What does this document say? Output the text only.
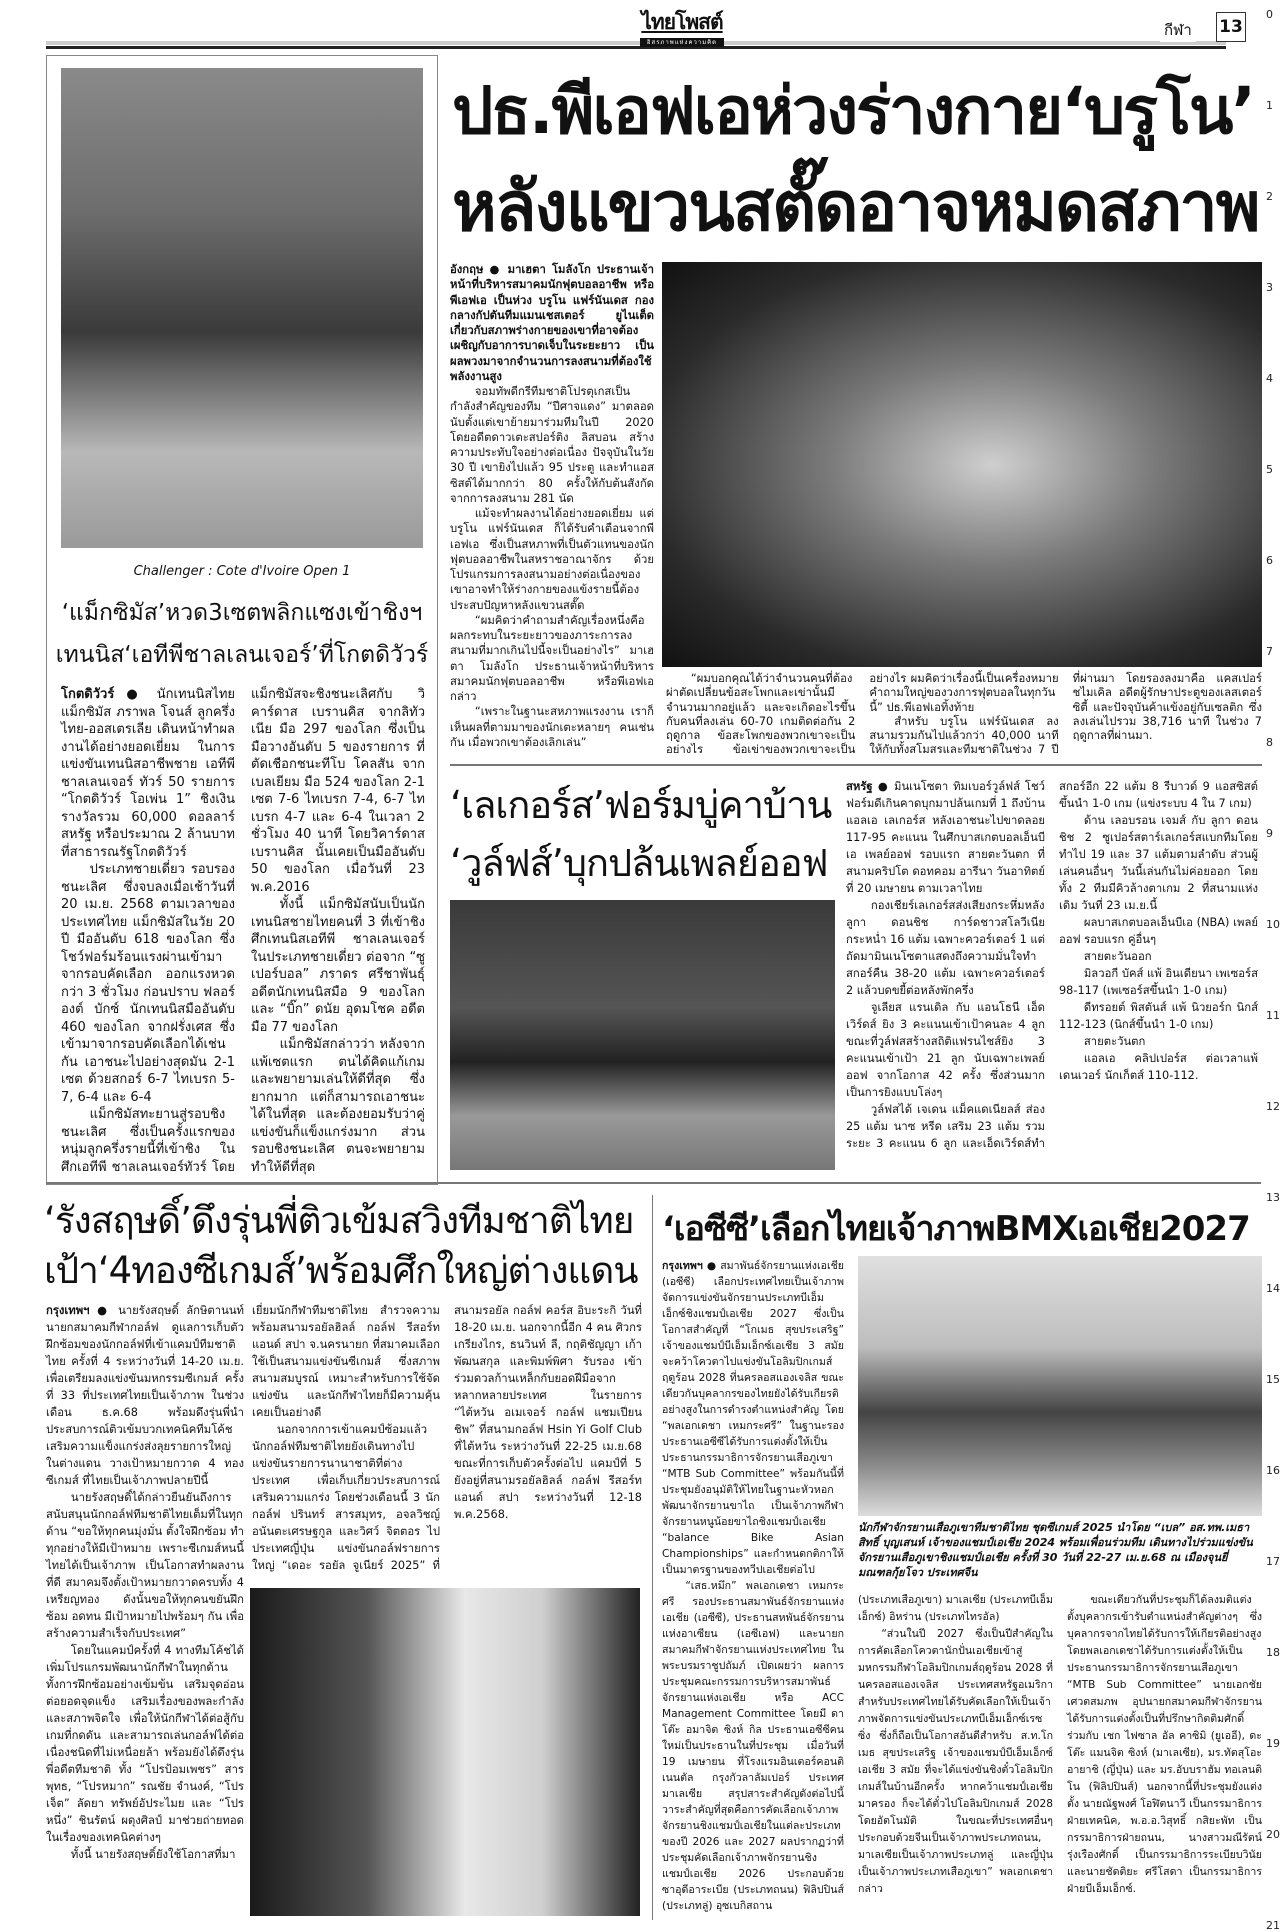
ไทยโพสต์
อิสรภาพแห่งความคิด
กีฬา 13
0
1
2
3
4
5
6
7
8
9
10
11
12
13
14
15
16
17
18
19
20
21
Challenger : Cote d'Ivoire Open 1
‘แม็กซิมัส’หวด3เซตพลิกแซงเข้าชิงฯ
เทนนิส‘เอทีพีชาลเลนเจอร์’ที่โกตดิวัวร์

โกตดิวัวร์ ● นักเทนนิสไทย แม็กซิมัส ภราพล โจนส์ ลูกครึ่งไทย-ออสเตรเลีย เดินหน้าทำผลงานได้อย่างยอดเยี่ยม ในการแข่งขันเทนนิสอาชีพชาย เอทีพี ชาลเลนเจอร์ ทัวร์ 50 รายการ “โกตดิวัวร์ โอเพ่น 1” ชิงเงินรางวัลรวม 60,000 ดอลลาร์สหรัฐ หรือประมาณ 2 ล้านบาท ที่สาธารณรัฐโกตดิวัวร์

ประเภทชายเดี่ยว รอบรองชนะเลิศ ซึ่งจบลงเมื่อเช้าวันที่ 20 เม.ย. 2568 ตามเวลาของประเทศไทย แม็กซิมัสในวัย 20 ปี มืออันดับ 618 ของโลก ซึ่งโชว์ฟอร์มร้อนแรงผ่านเข้ามาจากรอบคัดเลือก ออกแรงหวดกว่า 3 ชั่วโมง ก่อนปราบ ฟลอร์องต์ บักซ์ นักเทนนิสมืออันดับ 460 ของโลก จากฝรั่งเศส ซึ่งเข้ามาจากรอบคัดเลือกได้เช่นกัน เอาชนะไปอย่างสุดมัน 2-1 เซต ด้วยสกอร์ 6-7 ไทเบรก 5-7, 6-4 และ 6-4

แม็กซิมัสทะยานสู่รอบชิงชนะเลิศ ซึ่งเป็นครั้งแรกของหนุ่มลูกครึ่งรายนี้ที่เข้าชิง ในศึกเอทีพี ชาลเลนเจอร์ทัวร์ โดยแม็กซิมัสจะชิงชนะเลิศกับ วิคาร์ดาส เบรานคิส จากลิทัวเนีย มือ 297 ของโลก ซึ่งเป็นมือวางอันดับ 5 ของรายการ ที่ตัดเชือกชนะทีโบ โคลสัน จากเบลเยียม มือ 524 ของโลก 2-1 เซต 7-6 ไทเบรก 7-4, 6-7 ไทเบรก 4-7 และ 6-4 ในเวลา 2 ชั่วโมง 40 นาที โดยวิคาร์ดาส เบรานคิส นั้นเคยเป็นมืออันดับ 50 ของโลก เมื่อวันที่ 23 พ.ค.2016

ทั้งนี้ แม็กซิมัสนับเป็นนักเทนนิสชายไทยคนที่ 3 ที่เข้าชิง ศึกเทนนิสเอทีพี ชาลเลนเจอร์ ในประเภทชายเดี่ยว ต่อจาก “ซูเปอร์บอล” ภราดร ศรีชาพันธุ์ อดีตนักเทนนิสมือ 9 ของโลก และ “บิ๊ก” ดนัย อุดมโชค อดีตมือ 77 ของโลก

แม็กซิมัสกล่าวว่า หลังจากแพ้เซตแรก ตนได้คิดแก้เกมและพยายามเล่นให้ดีที่สุด ซึ่งยากมาก แต่ก็สามารถเอาชนะได้ในที่สุด และต้องยอมรับว่าคู่แข่งขันก็แข็งแกร่งมาก ส่วนรอบชิงชนะเลิศ ตนจะพยายามทำให้ดีที่สุด

ปธ.พีเอฟเอห่วงร่างกาย‘บรูโน’
หลังแขวนสตั๊ดอาจหมดสภาพ

อังกฤษ ● มาเฮตา โมลังโก ประธานเจ้าหน้าที่บริหารสมาคมนักฟุตบอลอาชีพ หรือพีเอฟเอ เป็นห่วง บรูโน แฟร์นันเดส กองกลางกัปตันทีมแมนเชสเตอร์ ยูไนเต็ด เกี่ยวกับสภาพร่างกายของเขาที่อาจต้องเผชิญกับอาการบาดเจ็บในระยะยาว เป็นผลพวงมาจากจำนวนการลงสนามที่ต้องใช้พลังงานสูง

จอมทัพดีกรีทีมชาติโปรตุเกสเป็นกำลังสำคัญของทีม “ปีศาจแดง” มาตลอดนับตั้งแต่เขาย้ายมาร่วมทีมในปี 2020 โดยอดีตดาวเตะสปอร์ติง ลิสบอน สร้างความประทับใจอย่างต่อเนื่อง ปัจจุบันในวัย 30 ปี เขายิงไปแล้ว 95 ประตู และทำแอสซิสต์ได้มากกว่า 80 ครั้งให้กับต้นสังกัด จากการลงสนาม 281 นัด

แม้จะทำผลงานได้อย่างยอดเยี่ยม แต่ บรูโน แฟร์นันเดส ก็ได้รับคำเตือนจากพีเอฟเอ ซึ่งเป็นสหภาพที่เป็นตัวแทนของนักฟุตบอลอาชีพในสหราชอาณาจักร ด้วยโปรแกรมการลงสนามอย่างต่อเนื่องของเขาอาจทำให้ร่างกายของแข้งรายนี้ต้องประสบปัญหาหลังแขวนสตั๊ด

“ผมคิดว่าคำถามสำคัญเรื่องหนึ่งคือผลกระทบในระยะยาวของภาระการลงสนามที่มากเกินไปนี้จะเป็นอย่างไร” มาเฮตา โมลังโก ประธานเจ้าหน้าที่บริหารสมาคมนักฟุตบอลอาชีพ หรือพีเอฟเอ กล่าว

“เพราะในฐานะสหภาพแรงงาน เราก็เห็นผลที่ตามมาของนักเตะหลายๆ คนเช่นกัน เมื่อพวกเขาต้องเลิกเล่น”

“ผมบอกคุณได้ว่าจำนวนคนที่ต้องผ่าตัดเปลี่ยนข้อสะโพกและเข่านั้นมีจำนวนมากอยู่แล้ว และจะเกิดอะไรขึ้นกับคนที่ลงเล่น 60-70 เกมติดต่อกัน 2 ฤดูกาล ข้อสะโพกของพวกเขาจะเป็นอย่างไร ข้อเข่าของพวกเขาจะเป็นอย่างไร ผมคิดว่าเรื่องนี้เป็นเครื่องหมายคำถามใหญ่ของวงการฟุตบอลในทุกวันนี้” ปธ.พีเอฟเอทิ้งท้าย

สำหรับ บรูโน แฟร์นันเดส ลงสนามรวมกันไปแล้วกว่า 40,000 นาที ให้กับทั้งสโมสรและทีมชาติในช่วง 7 ปีที่ผ่านมา โดยรองลงมาคือ แคสเปอร์ ชไมเคิล อดีตผู้รักษาประตูของเลสเตอร์ ซิตี้ และปัจจุบันค้าแข้งอยู่กับเซลติก ซึ่งลงเล่นไปรวม 38,716 นาที ในช่วง 7 ฤดูกาลที่ผ่านมา.

‘เลเกอร์ส’ฟอร์มบู่คาบ้าน
‘วูล์ฟส์’บุกปล้นเพลย์ออฟ

สหรัฐ ● มินเนโซตา ทิมเบอร์วูล์ฟส์ โชว์ฟอร์มดีเกินคาดบุกมาปล้นเกมที่ 1 ถึงบ้านแอลเอ เลเกอร์ส หลังเอาชนะไปขาดลอย 117-95 คะแนน ในศึกบาสเกตบอลเอ็นบีเอ เพลย์ออฟ รอบแรก สายตะวันตก ที่สนามคริปโต ดอทคอม อารีนา วันอาทิตย์ที่ 20 เมษายน ตามเวลาไทย

กองเชียร์เลเกอร์สส่งเสียงกระหึ่มหลัง ลูกา ดอนชิช การ์ดชาวสโลวีเนีย กระหน่ำ 16 แต้ม เฉพาะควอร์เตอร์ 1 แต่ถัดมามินเนโซตาแสดงถึงความมั่นใจทำสกอร์คืน 38-20 แต้ม เฉพาะควอร์เตอร์ 2 แล้วบดขยี้ต่อหลังพักครึ่ง

จูเลียส แรนเดิล กับ แอนโธนี เอ็ดเวิร์ดส์ ยิง 3 คะแนนเข้าเป้าคนละ 4 ลูก ขณะที่วูล์ฟสสร้างสถิติแฟรนไชส์ยิง 3 คะแนนเข้าเป้า 21 ลูก นับเฉพาะเพลย์ออฟ จากโอกาส 42 ครั้ง ซึ่งส่วนมากเป็นการยิงแบบโล่งๆ

วูล์ฟสได้ เจเดน แม็คแดเนียลส์ ส่อง 25 แต้ม นาซ หรีด เสริม 23 แต้ม รวมระยะ 3 คะแนน 6 ลูก และเอ็ดเวิร์ดส์ทำสกอร์อีก 22 แต้ม 8 รีบาวด์ 9 แอสซิสต์ ขึ้นนำ 1-0 เกม (แข่งระบบ 4 ใน 7 เกม)

ด้าน เลอบรอน เจมส์ กับ ลูกา ดอนชิช 2 ซูเปอร์สตาร์เลเกอร์สแบกทีมโดยทำไป 19 และ 37 แต้มตามลำดับ ส่วนผู้เล่นคนอื่นๆ วันนี้เล่นกันไม่ค่อยออก โดยทั้ง 2 ทีมมีคิวล้างตาเกม 2 ที่สนามแห่งเดิม วันที่ 23 เม.ย.นี้

ผลบาสเกตบอลเอ็นบีเอ (NBA) เพลย์ออฟ รอบแรก คู่อื่นๆ

สายตะวันออก

มิลวอกี บัคส์ แพ้ อินเดียนา เพเซอร์ส 98-117 (เพเซอร์สขึ้นนำ 1-0 เกม)

ดีทรอยต์ พิสตันส์ แพ้ นิวยอร์ก นิกส์ 112-123 (นิกส์ขึ้นนำ 1-0 เกม)

สายตะวันตก

แอลเอ คลิปเปอร์ส ต่อเวลาแพ้ เดนเวอร์ นักเก็ตส์ 110-112.

‘รังสฤษดิ์’ดึงรุ่นพี่ติวเข้มสวิงทีมชาติไทย
เป้า‘4ทองซีเกมส์’พร้อมศึกใหญ่ต่างแดน

กรุงเทพฯ ● นายรังสฤษดิ์ ลักษิตานนท์ นายกสมาคมกีฬากอล์ฟ ดูแลการเก็บตัวฝึกซ้อมของนักกอล์ฟที่เข้าแคมป์ทีมชาติไทย ครั้งที่ 4 ระหว่างวันที่ 14-20 เม.ย. เพื่อเตรียมลงแข่งขันมหกรรมซีเกมส์ ครั้งที่ 33 ที่ประเทศไทยเป็นเจ้าภาพ ในช่วงเดือน ธ.ค.68 พร้อมดึงรุ่นพี่นำประสบการณ์ติวเข้มบวกเทคนิคทีมโค้ชเสริมความแข็งแกร่งส่งลุยรายการใหญ่ในต่างแดน วางเป้าหมายกวาด 4 ทองซีเกมส์ ที่ไทยเป็นเจ้าภาพปลายปีนี้

นายรังสฤษดิ์ได้กล่าวยืนยันถึงการสนับสนุนนักกอล์ฟทีมชาติไทยเต็มที่ในทุกด้าน “ขอให้ทุกคนมุ่งมั่น ตั้งใจฝึกซ้อม ทำทุกอย่างให้มีเป้าหมาย เพราะซีเกมส์หนนี้ไทยได้เป็นเจ้าภาพ เป็นโอกาสทำผลงานที่ดี สมาคมจึงตั้งเป้าหมายกวาดครบทั้ง 4 เหรียญทอง ดังนั้นขอให้ทุกคนขยันฝึกซ้อม อดทน มีเป้าหมายไปพร้อมๆ กัน เพื่อสร้างความสำเร็จกับประเทศ”

โดยในแคมป์ครั้งที่ 4 ทางทีมโค้ชได้เพิ่มโปรแกรมพัฒนานักกีฬาในทุกด้าน ทั้งการฝึกซ้อมอย่างเข้มข้น เสริมจุดอ่อนต่อยอดจุดแข็ง เสริมเรื่องของพละกำลังและสภาพจิตใจ เพื่อให้นักกีฬาได้ต่อสู้กับเกมที่กดดัน และสามารถเล่นกอล์ฟได้ต่อเนื่องชนิดที่ไม่เหนื่อยล้า พร้อมยังได้ดึงรุ่นพี่อดีตทีมชาติ ทั้ง “โปรป้อมเพชร” สารพุทธ, “โปรหมาก” รณชัย จำนงค์, “โปรเจ็ต” ลัดยา ทรัพย์อัประไมย และ “โปรหนึ่ง” ชินรัตน์ ผดุงศิลป์ มาช่วยถ่ายทอดในเรื่องของเทคนิคต่างๆ

ทั้งนี้ นายรังสฤษดิ์ยังใช้โอกาสที่มา

เยี่ยมนักกีฬาทีมชาติไทย สำรวจความพร้อมสนามรอยัลฮิลล์ กอล์ฟ รีสอร์ท แอนด์ สปา จ.นครนายก ที่สมาคมเลือกใช้เป็นสนามแข่งขันซีเกมส์ ซึ่งสภาพสนามสมบูรณ์ เหมาะสำหรับการใช้จัดแข่งขัน และนักกีฬาไทยก็มีความคุ้นเคยเป็นอย่างดี

นอกจากการเข้าแคมป์ซ้อมแล้ว นักกอล์ฟทีมชาติไทยยังเดินทางไปแข่งขันรายการนานาชาติที่ต่างประเทศ เพื่อเก็บเกี่ยวประสบการณ์ เสริมความแกร่ง โดยช่วงเดือนนี้ 3 นักกอล์ฟ ปรินทร์ สารสมุทร, อจลวิชญ์ อนันตะเศรษฐกูล และวิศว์ จิตตอร ไปประเทศญี่ปุ่น แข่งขันกอล์ฟรายการใหญ่ “เดอะ รอยัล จูเนียร์ 2025” ที่สนามรอยัล กอล์ฟ คอร์ส อิบะระกิ วันที่ 18-20 เม.ย. นอกจากนี้อีก 4 คน ศิวกร เกรียงไกร, ธนวินท์ ลี, กฤติชัญญา เก้าพัฒนสกุล และพิมพ์พิศา รับรอง เข้าร่วมดวลก้านเหล็กกับยอดฝีมือจากหลากหลายประเทศ ในรายการ “ไต้หวัน อเมเจอร์ กอล์ฟ แชมเปียนชิพ” ที่สนามกอล์ฟ Hsin Yi Golf Club ที่ไต้หวัน ระหว่างวันที่ 22-25 เม.ย.68 ขณะที่การเก็บตัวครั้งต่อไป แคมป์ที่ 5 ยังอยู่ที่สนามรอยัลฮิลล์ กอล์ฟ รีสอร์ท แอนด์ สปา ระหว่างวันที่ 12-18 พ.ค.2568.

‘เอซีซี’เลือกไทยเจ้าภาพBMXเอเชีย2027

กรุงเทพฯ ● สมาพันธ์จักรยานแห่งเอเชีย (เอซีซี) เลือกประเทศไทยเป็นเจ้าภาพจัดการแข่งขันจักรยานประเภทบีเอ็มเอ็กซ์ชิงแชมป์เอเชีย 2027 ซึ่งเป็นโอกาสสำคัญที่ “โกเมธ สุขประเสริฐ” เจ้าของแชมป์บีเอ็มเอ็กซ์เอเชีย 3 สมัย จะคว้าโควตาไปแข่งขันโอลิมปิกเกมส์ฤดูร้อน 2028 ที่นครลอสแองเจลิส ขณะเดียวกันบุคลากรของไทยยังได้รับเกียรติอย่างสูงในการดำรงตำแหน่งสำคัญ โดย “พลเอกเดชา เหมกระศรี” ในฐานะรองประธานเอซีซีได้รับการแต่งตั้งให้เป็นประธานกรรมาธิการจักรยานเสือภูเขา “MTB Sub Committee” พร้อมกันนี้ที่ประชุมยังอนุมัติให้ไทยในฐานะหัวหอกพัฒนาจักรยานขาไถ เป็นเจ้าภาพกีฬาจักรยานหนูน้อยขาไถชิงแชมป์เอเชีย “balance Bike Asian Championships” และกำหนดกติกาให้เป็นมาตรฐานของทวีปเอเชียต่อไป

“เสธ.หมึก” พลเอกเดชา เหมกระศรี รองประธานสมาพันธ์จักรยานแห่งเอเชีย (เอซีซี), ประธานสหพันธ์จักรยานแห่งอาเซียน (เอซีเอฟ) และนายกสมาคมกีฬาจักรยานแห่งประเทศไทย ในพระบรมราชูปถัมภ์ เปิดเผยว่า ผลการประชุมคณะกรรมการบริหารสมาพันธ์จักรยานแห่งเอเชีย หรือ ACC Management Committee โดยมี ดาโต๊ะ อมาจิต ซิงห์ กิล ประธานเอซีซีคนใหม่เป็นประธานในที่ประชุม เมื่อวันที่ 19 เมษายน ที่โรงแรมอินเตอร์คอนติเนนตัล กรุงกัวลาลัมเปอร์ ประเทศมาเลเซีย สรุปสาระสำคัญดังต่อไปนี้ วาระสำคัญที่สุดคือการคัดเลือกเจ้าภาพจักรยานชิงแชมป์เอเชียในแต่ละประเภทของปี 2026 และ 2027 ผลปรากฏว่าที่ประชุมคัดเลือกเจ้าภาพจักรยานชิงแชมป์เอเชีย 2026 ประกอบด้วย ซาอุดีอาระเบีย (ประเภทถนน) ฟิลิปปินส์ (ประเภทลู่) อุซเบกิสถาน

นักกีฬาจักรยานเสือภูเขาทีมชาติไทย ชุดซีเกมส์ 2025 นำโดย “เบล” อส.ทพ.เมธาสิทธิ์ บุญเสนห์ เจ้าของแชมป์เอเชีย 2024 พร้อมเพื่อนร่วมทีม เดินทางไปร่วมแข่งขันจักรยานเสือภูเขาชิงแชมป์เอเชีย ครั้งที่ 30 วันที่ 22-27 เม.ย.68 ณ เมืองจุนยี่ มณฑลกุ้ยโจว ประเทศจีน

(ประเภทเสือภูเขา) มาเลเซีย (ประเภทบีเอ็มเอ็กซ์) อิหร่าน (ประเภทไทรอัล)

“ส่วนในปี 2027 ซึ่งเป็นปีสำคัญในการคัดเลือกโควตานักปั่นเอเชียเข้าสู่มหกรรมกีฬาโอลิมปิกเกมส์ฤดูร้อน 2028 ที่นครลอสแองเจลิส ประเทศสหรัฐอเมริกา สำหรับประเทศไทยได้รับคัดเลือกให้เป็นเจ้าภาพจัดการแข่งขันประเภทบีเอ็มเอ็กซ์เรซซิ่ง ซึ่งก็ถือเป็นโอกาสอันดีสำหรับ ส.ท.โกเมธ สุขประเสริฐ เจ้าของแชมป์บีเอ็มเอ็กซ์เอเชีย 3 สมัย ที่จะได้แข่งขันชิงตั๋วโอลิมปิกเกมส์ในบ้านอีกครั้ง หากคว้าแชมป์เอเชียมาครอง ก็จะได้ตั๋วไปโอลิมปิกเกมส์ 2028 โดยอัตโนมัติ ในขณะที่ประเทศอื่นๆ ประกอบด้วยจีนเป็นเจ้าภาพประเภทถนน, มาเลเซียเป็นเจ้าภาพประเภทลู่ และญี่ปุ่นเป็นเจ้าภาพประเภทเสือภูเขา” พลเอกเดชากล่าว

ขณะเดียวกันที่ประชุมก็ได้ลงมติแต่งตั้งบุคลากรเข้ารับตำแหน่งสำคัญต่างๆ ซึ่งบุคลากรจากไทยได้รับการให้เกียรติอย่างสูง โดยพลเอกเดชาได้รับการแต่งตั้งให้เป็นประธานกรรมาธิการจักรยานเสือภูเขา “MTB Sub Committee” นายเอกชัย เศวตสมภพ อุปนายกสมาคมกีฬาจักรยาน ได้รับการแต่งตั้งเป็นที่ปรึกษากิตติมศักดิ์ ร่วมกับ เชก ไฟซาล อัล คาซิมิ (ยูเออี), ดะโต๊ะ แมนจิต ซิงห์ (มาเลเซีย), มร.ทัตสุโอะ อายาชิ (ญี่ปุ่น) และ มร.อับบราฮัม ทอเลนติโน (ฟิลิปปินส์) นอกจากนี้ที่ประชุมยังแต่งตั้ง นายณัฐพงศ์ โอฬิตนาวี เป็นกรรมาธิการฝ่ายเทคนิค, พ.อ.อ.วิสุทธิ์ กสิยะพัท เป็นกรรมาธิการฝ่ายถนน, นางสาวมณีรัตน์ รุ่งเรืองศักดิ์ เป็นกรรมาธิการระเบียบวินัย และนายชัดติยะ ศรีโสดา เป็นกรรมาธิการฝ่ายบีเอ็มเอ็กซ์.
